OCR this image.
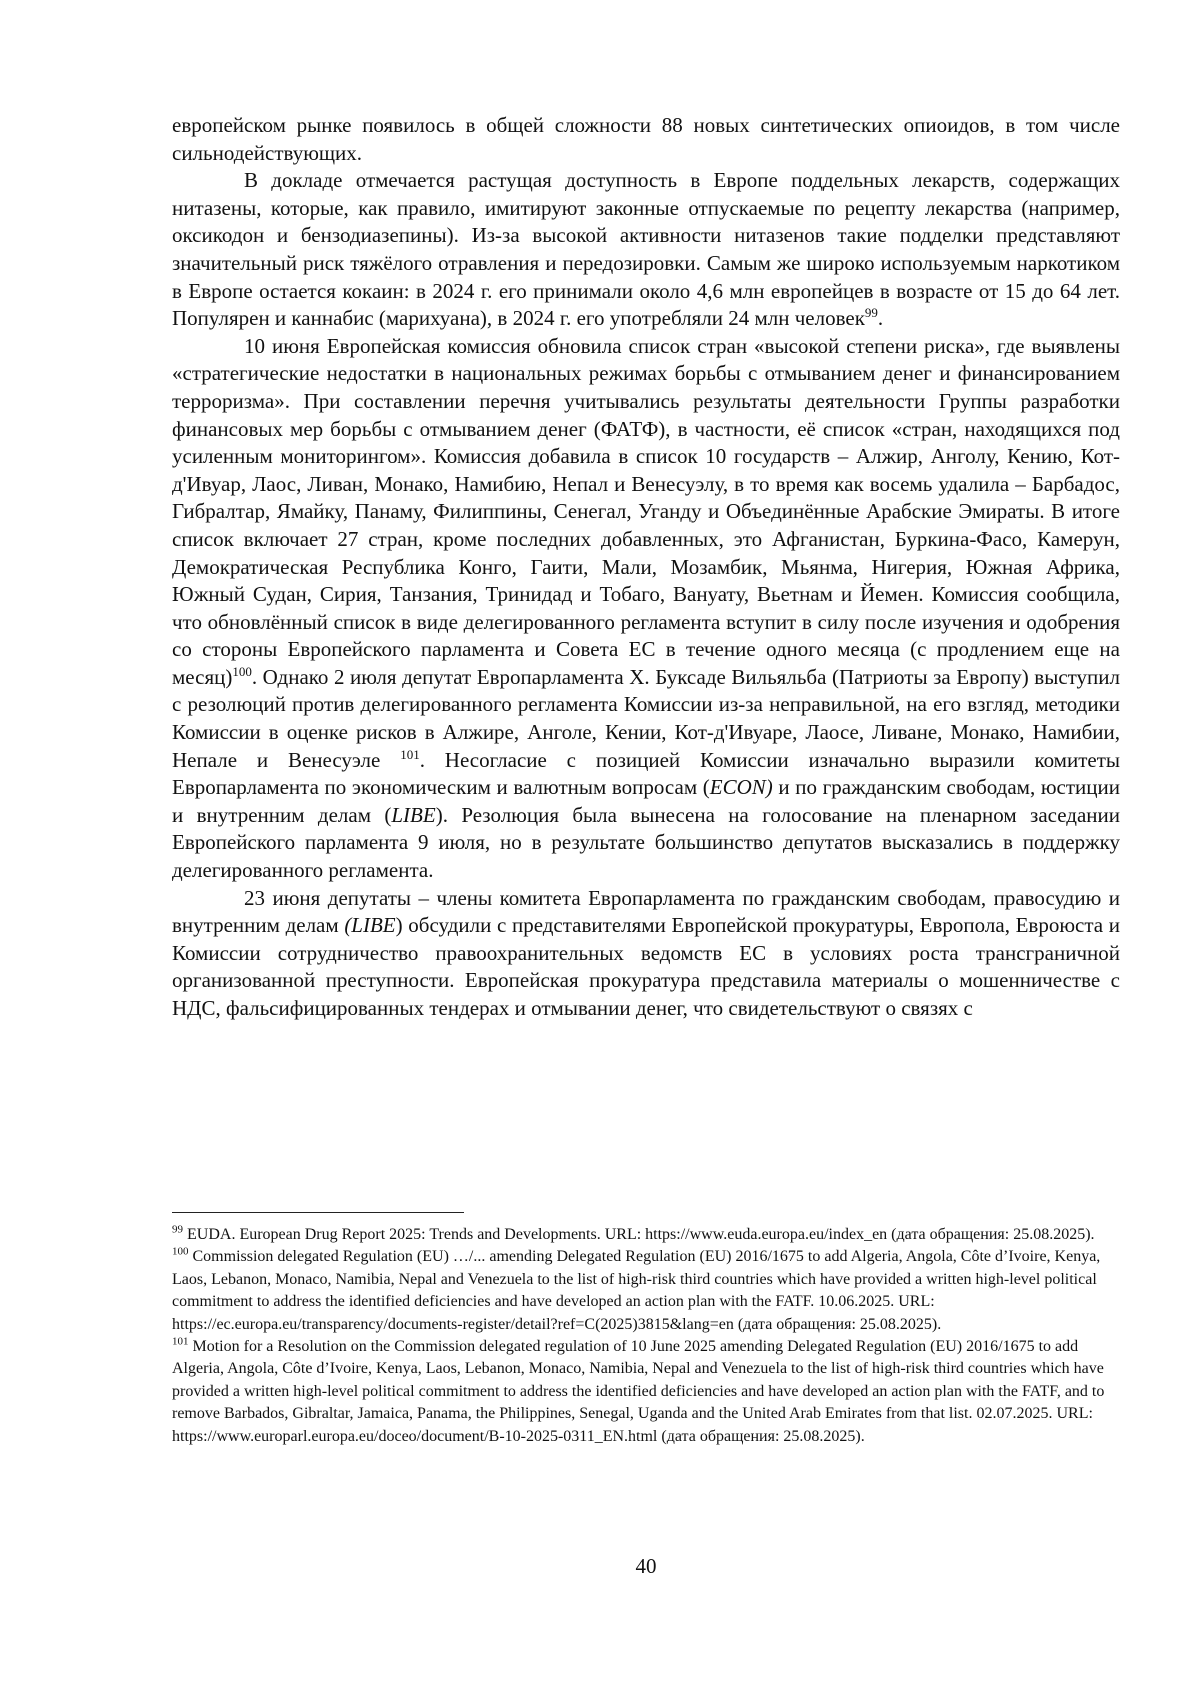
европейском рынке появилось в общей сложности 88 новых синтетических опиоидов, в том числе сильнодействующих.

В докладе отмечается растущая доступность в Европе поддельных лекарств, содержащих нитазены, которые, как правило, имитируют законные отпускаемые по рецепту лекарства (например, оксикодон и бензодиазепины). Из-за высокой активности нитазенов такие подделки представляют значительный риск тяжёлого отравления и передозировки. Самым же широко используемым наркотиком в Европе остается кокаин: в 2024 г. его принимали около 4,6 млн европейцев в возрасте от 15 до 64 лет. Популярен и каннабис (марихуана), в 2024 г. его употребляли 24 млн человек$^{99}$.

10 июня Европейская комиссия обновила список стран «высокой степени риска», где выявлены «стратегические недостатки в национальных режимах борьбы с отмыванием денег и финансированием терроризма». При составлении перечня учитывались результаты деятельности Группы разработки финансовых мер борьбы с отмыванием денег (ФАТФ), в частности, её список «стран, находящихся под усиленным мониторингом». Комиссия добавила в список 10 государств – Алжир, Анголу, Кению, Кот-д'Ивуар, Лаос, Ливан, Монако, Намибию, Непал и Венесуэлу, в то время как восемь удалила – Барбадос, Гибралтар, Ямайку, Панаму, Филиппины, Сенегал, Уганду и Объединённые Арабские Эмираты. В итоге список включает 27 стран, кроме последних добавленных, это Афганистан, Буркина-Фасо, Камерун, Демократическая Республика Конго, Гаити, Мали, Мозамбик, Мьянма, Нигерия, Южная Африка, Южный Судан, Сирия, Танзания, Тринидад и Тобаго, Вануату, Вьетнам и Йемен. Комиссия сообщила, что обновлённый список в виде делегированного регламента вступит в силу после изучения и одобрения со стороны Европейского парламента и Совета ЕС в течение одного месяца (с продлением еще на месяц)$^{100}$. Однако 2 июля депутат Европарламента Х. Буксаде Вильяльба (Патриоты за Европу) выступил с резолюций против делегированного регламента Комиссии из-за неправильной, на его взгляд, методики Комиссии в оценке рисков в Алжире, Анголе, Кении, Кот-д'Ивуаре, Лаосе, Ливане, Монако, Намибии, Непале и Венесуэле $^{101}$. Несогласие с позицией Комиссии изначально выразили комитеты Европарламента по экономическим и валютным вопросам (ECON) и по гражданским свободам, юстиции и внутренним делам (LIBE). Резолюция была вынесена на голосование на пленарном заседании Европейского парламента 9 июля, но в результате большинство депутатов высказались в поддержку делегированного регламента.

23 июня депутаты – члены комитета Европарламента по гражданским свободам, правосудию и внутренним делам (LIBE) обсудили с представителями Европейской прокуратуры, Европола, Евроюста и Комиссии сотрудничество правоохранительных ведомств ЕС в условиях роста трансграничной организованной преступности. Европейская прокуратура представила материалы о мошенничестве с НДС, фальсифицированных тендерах и отмывании денег, что свидетельствуют о связях с

$^{99}$ EUDA. European Drug Report 2025: Trends and Developments. URL: https://www.euda.europa.eu/index_en (дата обращения: 25.08.2025).

$^{100}$ Commission delegated Regulation (EU) …/... amending Delegated Regulation (EU) 2016/1675 to add Algeria, Angola, Côte d’Ivoire, Kenya, Laos, Lebanon, Monaco, Namibia, Nepal and Venezuela to the list of high-risk third countries which have provided a written high-level political commitment to address the identified deficiencies and have developed an action plan with the FATF. 10.06.2025. URL: https://ec.europa.eu/transparency/documents-register/detail?ref=C(2025)3815&lang=en (дата обращения: 25.08.2025).

$^{101}$ Motion for a Resolution on the Commission delegated regulation of 10 June 2025 amending Delegated Regulation (EU) 2016/1675 to add Algeria, Angola, Côte d’Ivoire, Kenya, Laos, Lebanon, Monaco, Namibia, Nepal and Venezuela to the list of high-risk third countries which have provided a written high-level political commitment to address the identified deficiencies and have developed an action plan with the FATF, and to remove Barbados, Gibraltar, Jamaica, Panama, the Philippines, Senegal, Uganda and the United Arab Emirates from that list. 02.07.2025. URL: https://www.europarl.europa.eu/doceo/document/B-10-2025-0311_EN.html (дата обращения: 25.08.2025).

40
